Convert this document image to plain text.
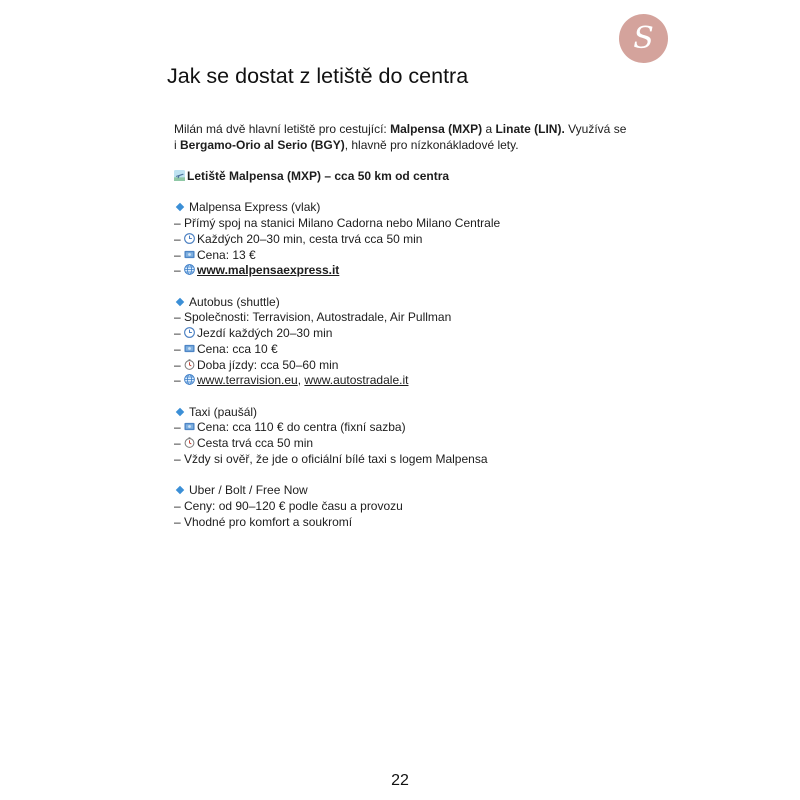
S
Jak se dostat z letiště do centra

Milán má dvě hlavní letiště pro cestující: Malpensa (MXP) a Linate (LIN). Využívá se

i Bergamo-Orio al Serio (BGY), hlavně pro nízkonákladové lety.

Letiště Malpensa (MXP) – cca 50 km od centra

Malpensa Express (vlak)

– Přímý spoj na stanici Milano Cadorna nebo Milano Centrale

– Každých 20–30 min, cesta trvá cca 50 min

– Cena: 13 €

– www.malpensaexpress.it

Autobus (shuttle)

– Společnosti: Terravision, Autostradale, Air Pullman

– Jezdí každých 20–30 min

– Cena: cca 10 €

– Doba jízdy: cca 50–60 min

– www.terravision.eu, www.autostradale.it

Taxi (paušál)

– Cena: cca 110 € do centra (fixní sazba)

– Cesta trvá cca 50 min

– Vždy si ověř, že jde o oficiální bílé taxi s logem Malpensa

Uber / Bolt / Free Now

– Ceny: od 90–120 € podle času a provozu

– Vhodné pro komfort a soukromí

22
